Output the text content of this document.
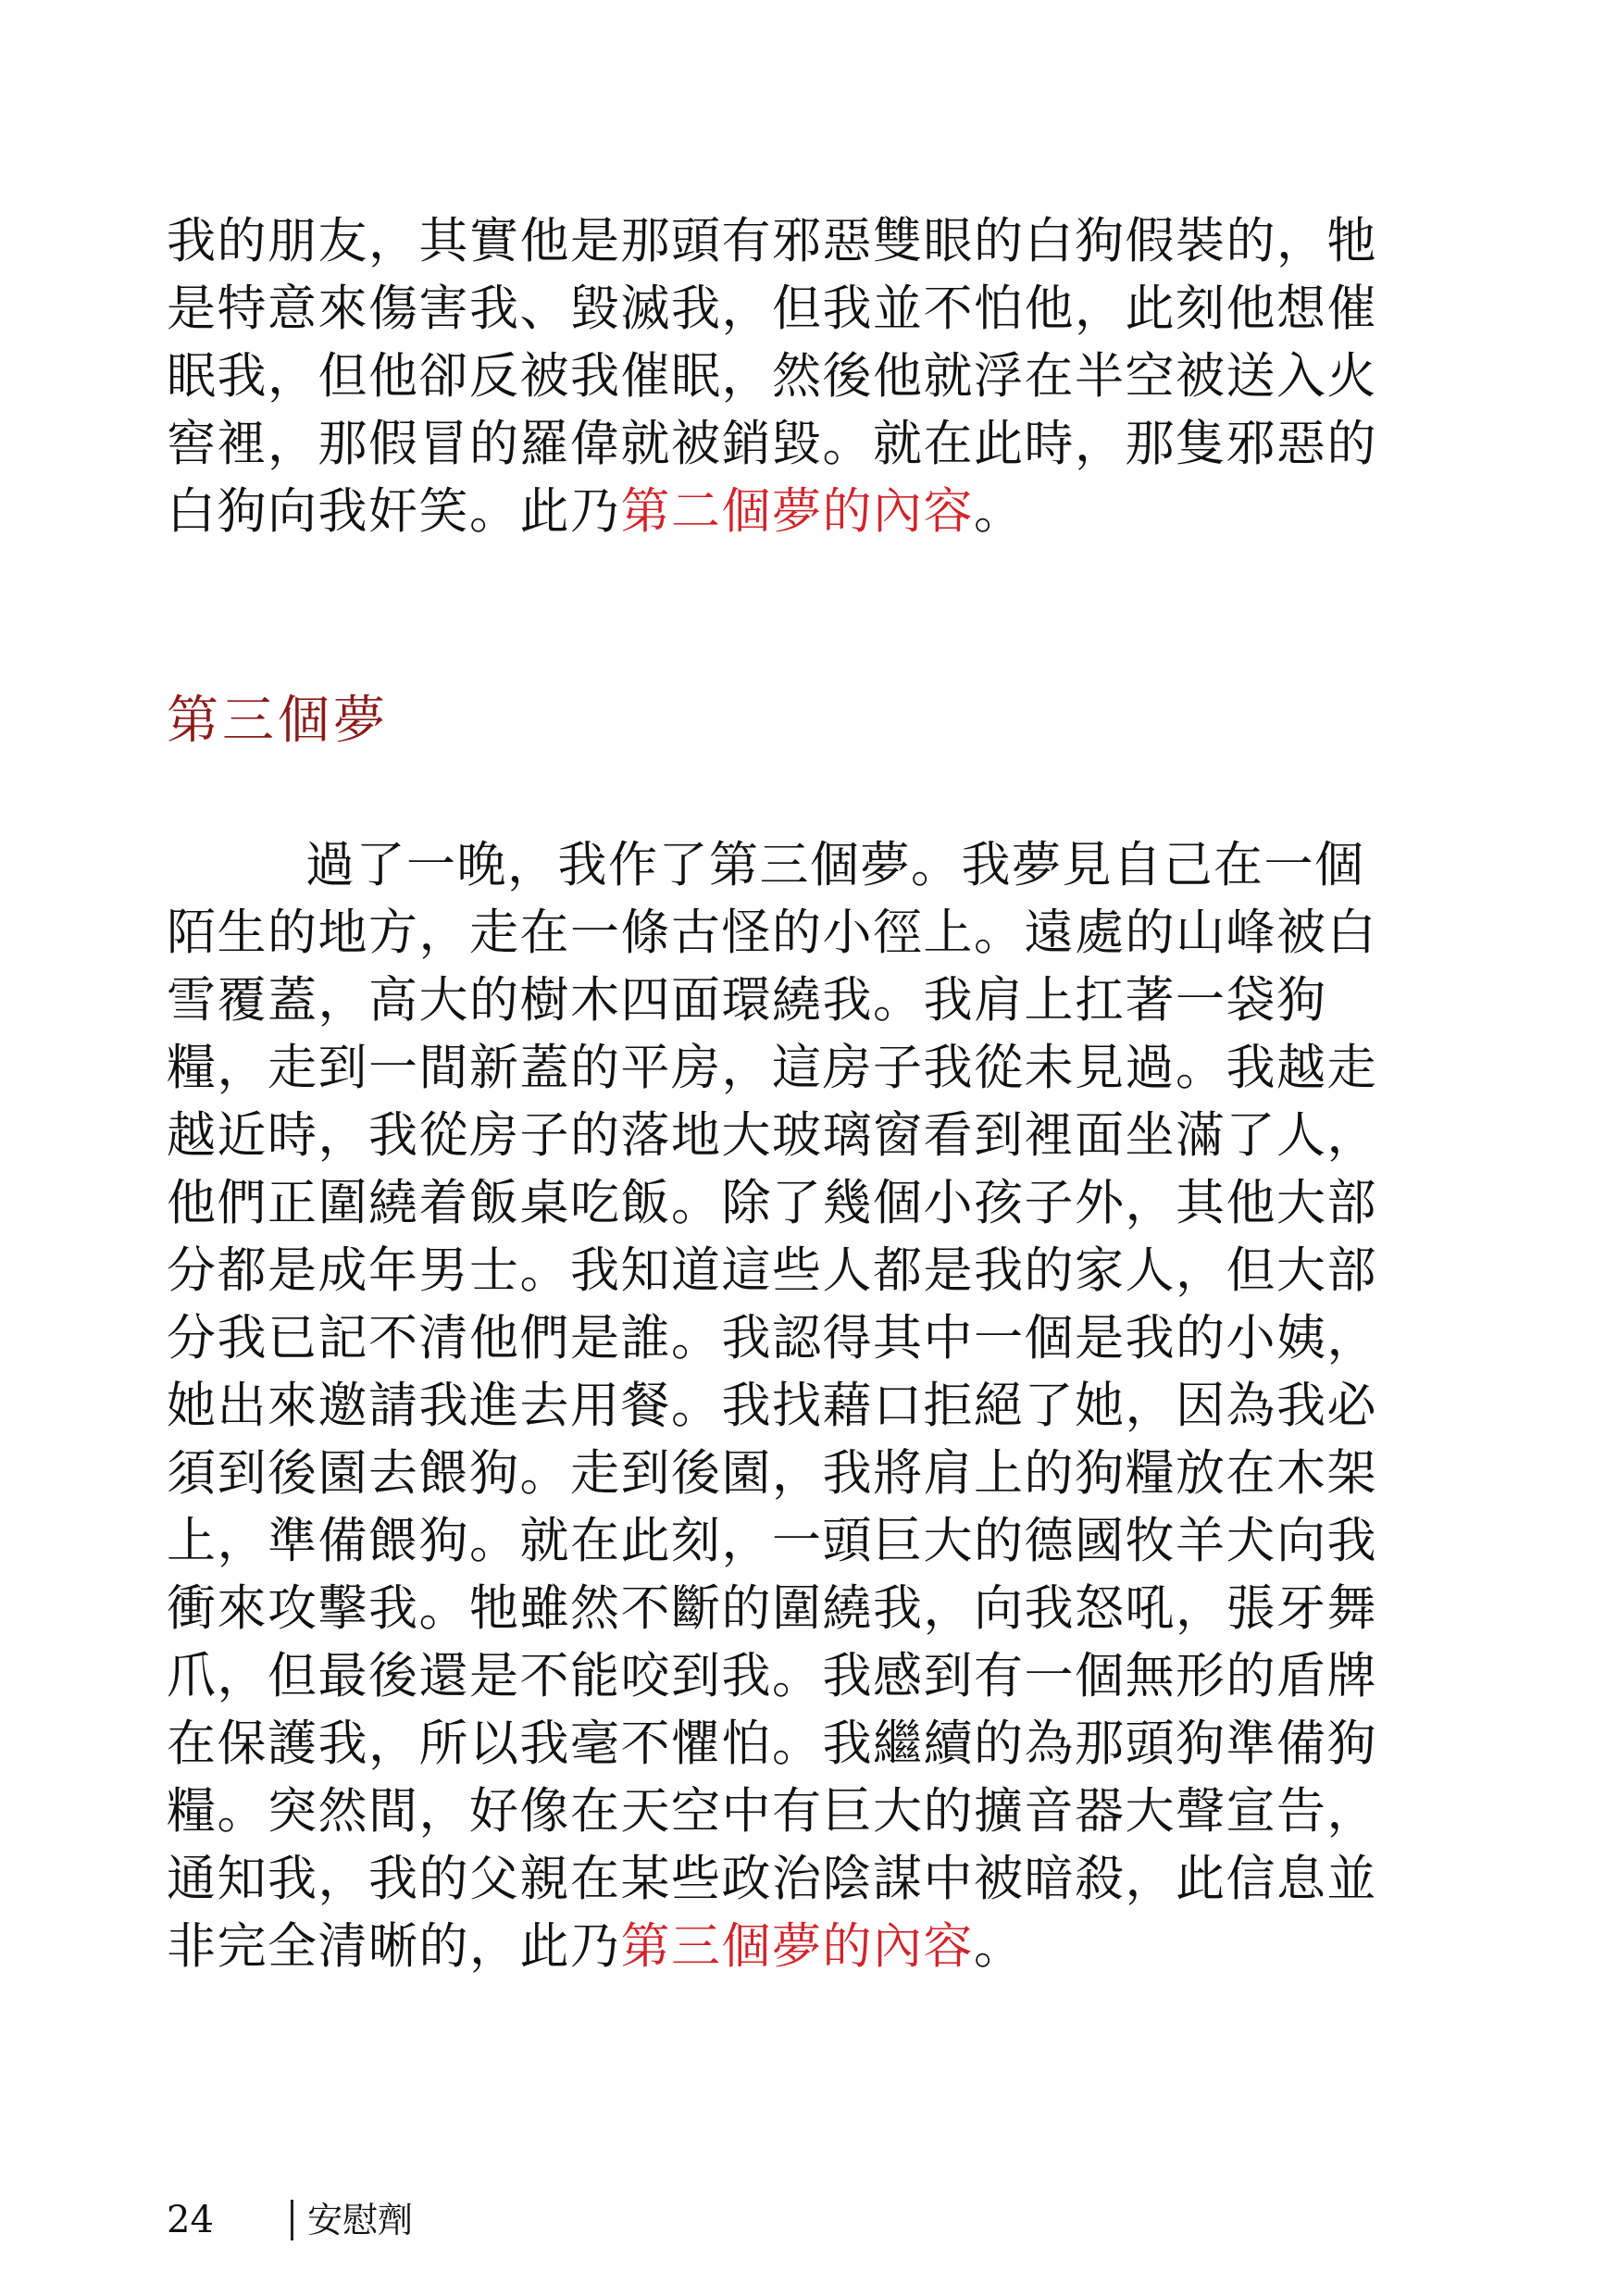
我的朋友，其實他是那頭有邪惡雙眼的白狗假裝的，牠
是特意來傷害我、毀滅我，但我並不怕他，此刻他想催
眠我，但他卻反被我催眠，然後他就浮在半空被送入火
窖裡，那假冒的羅偉就被銷毀。就在此時，那隻邪惡的
白狗向我奸笑。此乃第二個夢的內容。
第三個夢
過了一晚，我作了第三個夢。我夢見自己在一個
陌生的地方，走在一條古怪的小徑上。遠處的山峰被白
雪覆蓋，高大的樹木四面環繞我。我肩上扛著一袋狗
糧，走到一間新蓋的平房，這房子我從未見過。我越走
越近時，我從房子的落地大玻璃窗看到裡面坐滿了人，
他們正圍繞着飯桌吃飯。除了幾個小孩子外，其他大部
分都是成年男士。我知道這些人都是我的家人，但大部
分我已記不清他們是誰。我認得其中一個是我的小姨，
她出來邀請我進去用餐。我找藉口拒絕了她，因為我必
須到後園去餵狗。走到後園，我將肩上的狗糧放在木架
上，準備餵狗。就在此刻，一頭巨大的德國牧羊犬向我
衝來攻擊我。牠雖然不斷的圍繞我，向我怒吼，張牙舞
爪，但最後還是不能咬到我。我感到有一個無形的盾牌
在保護我，所以我毫不懼怕。我繼續的為那頭狗準備狗
糧。突然間，好像在天空中有巨大的擴音器大聲宣告，
通知我，我的父親在某些政治陰謀中被暗殺，此信息並
非完全清晰的，此乃第三個夢的內容。
24	安慰劑
